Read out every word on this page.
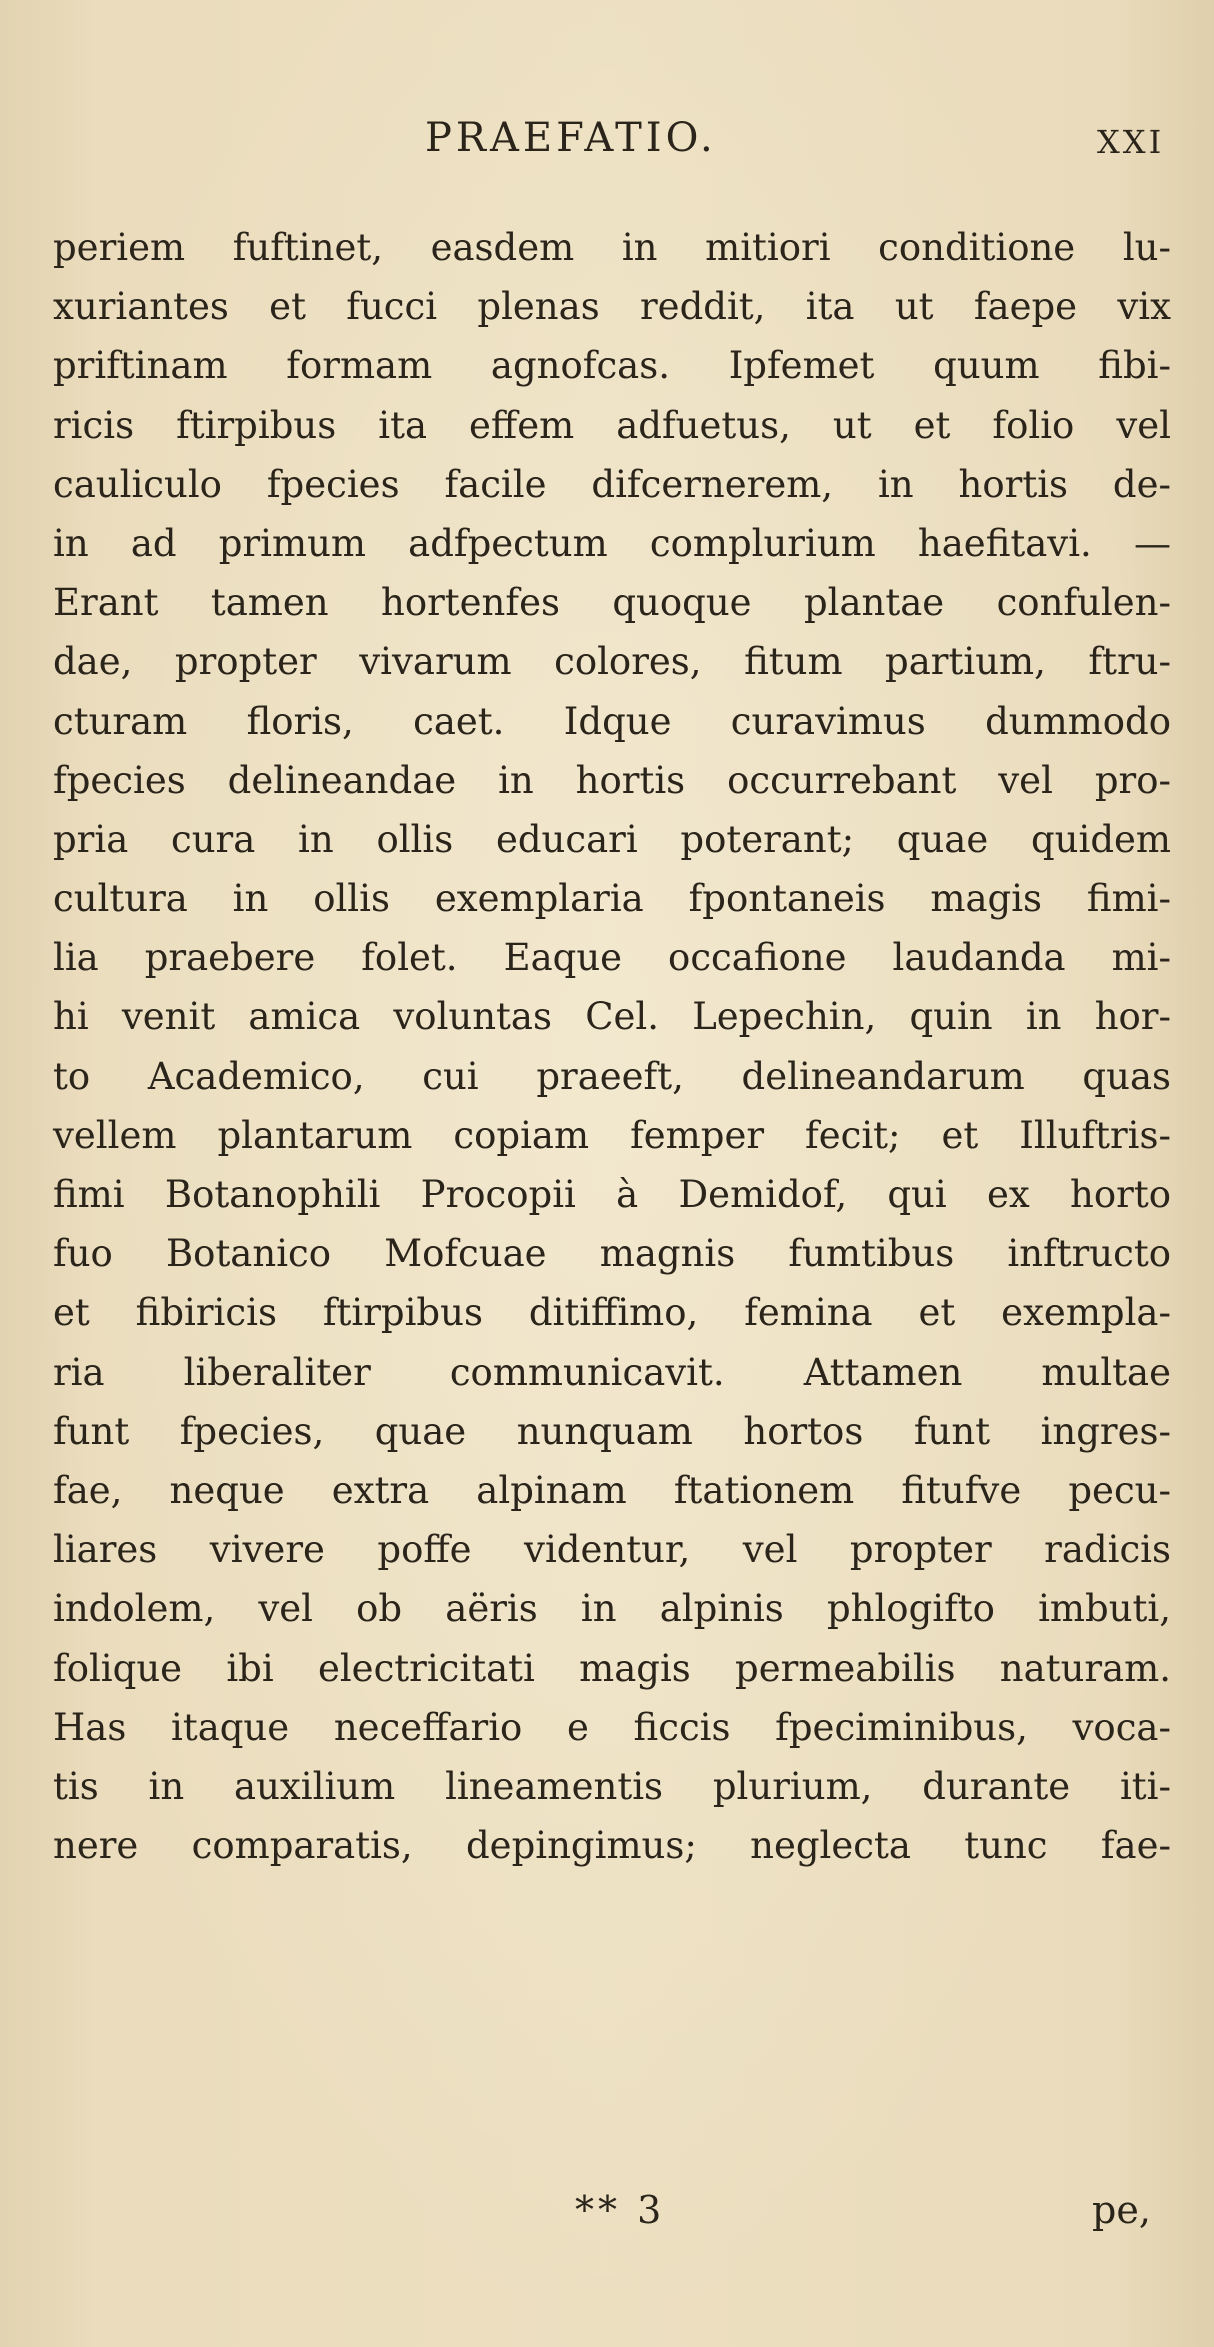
PRAEFATIO.	XXI
periem fuftinet, easdem in mitiori conditione lu-
xuriantes et fucci plenas reddit, ita ut faepe vix
priftinam formam agnofcas. Ipfemet quum fibi-
ricis ftirpibus ita effem adfuetus, ut et folio vel
cauliculo fpecies facile difcernerem, in hortis de-
in ad primum adfpectum complurium haefitavi. —
Erant tamen hortenfes quoque plantae confulen-
dae, propter vivarum colores, fitum partium, ftru-
cturam floris, caet. Idque curavimus dummodo
fpecies delineandae in hortis occurrebant vel pro-
pria cura in ollis educari poterant; quae quidem
cultura in ollis exemplaria fpontaneis magis fimi-
lia praebere folet. Eaque occafione laudanda mi-
hi venit amica voluntas Cel. Lepechin, quin in hor-
to Academico, cui praeeft, delineandarum quas
vellem plantarum copiam femper fecit; et Illuftris-
fimi Botanophili Procopii à Demidof, qui ex horto
fuo Botanico Mofcuae magnis fumtibus inftructo
et fibiricis ftirpibus ditiffimo, femina et exempla-
ria liberaliter communicavit. Attamen multae
funt fpecies, quae nunquam hortos funt ingres-
fae, neque extra alpinam ftationem fitufve pecu-
liares vivere poffe videntur, vel propter radicis
indolem, vel ob aëris in alpinis phlogifto imbuti,
folique ibi electricitati magis permeabilis naturam.
Has itaque neceffario e ficcis fpeciminibus, voca-
tis in auxilium lineamentis plurium, durante iti-
nere comparatis, depingimus; neglecta tunc fae-
** 3	pe,
